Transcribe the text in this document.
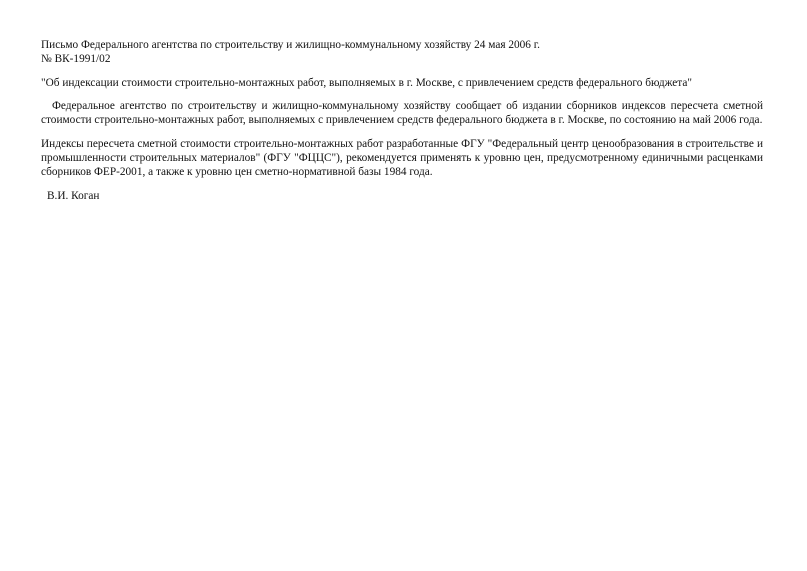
Письмо Федерального агентства по строительству и жилищно-коммунальному хозяйству 24 мая 2006 г.
№ ВК-1991/02
"Об индексации стоимости строительно-монтажных работ, выполняемых в г. Москве, с привлечением средств федерального бюджета"

Федеральное агентство по строительству и жилищно-коммунальному хозяйству сообщает об издании сборников индексов пересчета сметной стоимости строительно-монтажных работ, выполняемых с привлечением средств федерального бюджета в г. Москве, по состоянию на май 2006 года.

Индексы пересчета сметной стоимости строительно-монтажных работ разработанные ФГУ "Федеральный центр ценообразования в строительстве и промышленности строительных материалов" (ФГУ "ФЦЦС"), рекомендуется применять к уровню цен, предусмотренному единичными расценками сборников ФЕР-2001, а также к уровню цен сметно-нормативной базы 1984 года.

В.И. Коган
